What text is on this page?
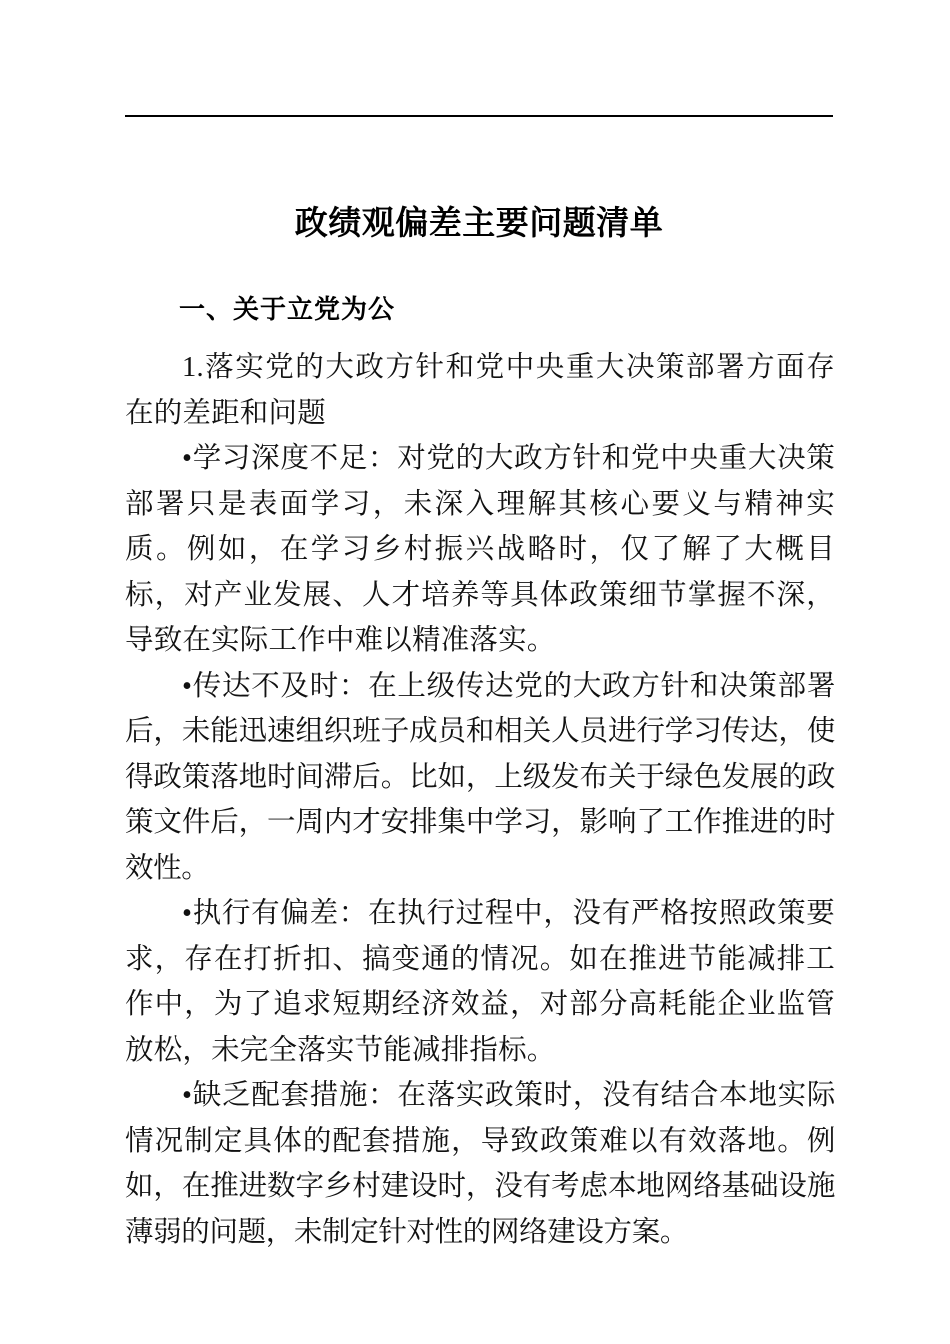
政绩观偏差主要问题清单

一、关于立党为公

1.落实党的大政方针和党中央重大决策部署方面存在的差距和问题

•学习深度不足：对党的大政方针和党中央重大决策部署只是表面学习，未深入理解其核心要义与精神实质。例如，在学习乡村振兴战略时，仅了解了大概目标，对产业发展、人才培养等具体政策细节掌握不深，导致在实际工作中难以精准落实。

•传达不及时：在上级传达党的大政方针和决策部署后，未能迅速组织班子成员和相关人员进行学习传达，使得政策落地时间滞后。比如，上级发布关于绿色发展的政策文件后，一周内才安排集中学习，影响了工作推进的时效性。

•执行有偏差：在执行过程中，没有严格按照政策要求，存在打折扣、搞变通的情况。如在推进节能减排工作中，为了追求短期经济效益，对部分高耗能企业监管放松，未完全落实节能减排指标。

•缺乏配套措施：在落实政策时，没有结合本地实际情况制定具体的配套措施，导致政策难以有效落地。例如，在推进数字乡村建设时，没有考虑本地网络基础设施薄弱的问题，未制定针对性的网络建设方案。
